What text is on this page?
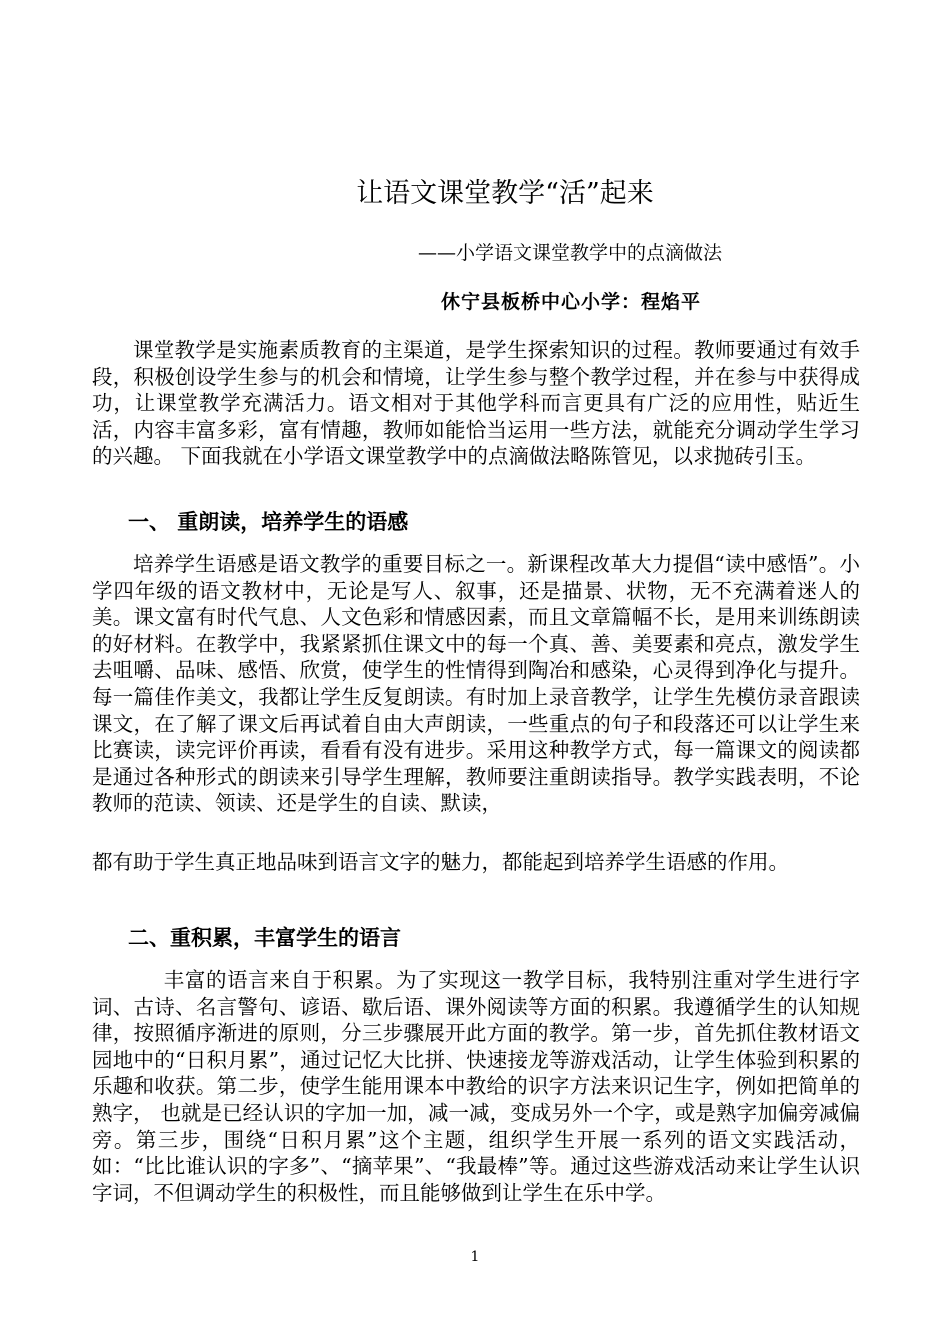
让语文课堂教学“活”起来
——小学语文课堂教学中的点滴做法
休宁县板桥中心小学：程焰平

课堂教学是实施素质教育的主渠道，是学生探索知识的过程。教师要通过有效手段，积极创设学生参与的机会和情境，让学生参与整个教学过程，并在参与中获得成功，让课堂教学充满活力。语文相对于其他学科而言更具有广泛的应用性，贴近生活，内容丰富多彩，富有情趣，教师如能恰当运用一些方法，就能充分调动学生学习的兴趣。 下面我就在小学语文课堂教学中的点滴做法略陈管见，以求抛砖引玉。

一、 重朗读，培养学生的语感

培养学生语感是语文教学的重要目标之一。新课程改革大力提倡“读中感悟”。小学四年级的语文教材中，无论是写人、叙事，还是描景、状物，无不充满着迷人的美。课文富有时代气息、人文色彩和情感因素，而且文章篇幅不长，是用来训练朗读的好材料。在教学中，我紧紧抓住课文中的每一个真、善、美要素和亮点，激发学生去咀嚼、品味、感悟、欣赏，使学生的性情得到陶冶和感染，心灵得到净化与提升。每一篇佳作美文，我都让学生反复朗读。有时加上录音教学，让学生先模仿录音跟读课文，在了解了课文后再试着自由大声朗读，一些重点的句子和段落还可以让学生来比赛读，读完评价再读，看看有没有进步。采用这种教学方式，每一篇课文的阅读都是通过各种形式的朗读来引导学生理解，教师要注重朗读指导。教学实践表明，不论教师的范读、领读、还是学生的自读、默读，

都有助于学生真正地品味到语言文字的魅力，都能起到培养学生语感的作用。

二、重积累，丰富学生的语言

丰富的语言来自于积累。为了实现这一教学目标，我特别注重对学生进行字词、古诗、名言警句、谚语、歇后语、课外阅读等方面的积累。我遵循学生的认知规律，按照循序渐进的原则，分三步骤展开此方面的教学。第一步，首先抓住教材语文园地中的“日积月累”，通过记忆大比拼、快速接龙等游戏活动，让学生体验到积累的乐趣和收获。第二步，使学生能用课本中教给的识字方法来识记生字，例如把简单的熟字， 也就是已经认识的字加一加，减一减，变成另外一个字，或是熟字加偏旁减偏旁。第三步，围绕“日积月累”这个主题，组织学生开展一系列的语文实践活动，如：“比比谁认识的字多”、“摘苹果”、“我最棒”等。通过这些游戏活动来让学生认识字词，不但调动学生的积极性，而且能够做到让学生在乐中学。

1
